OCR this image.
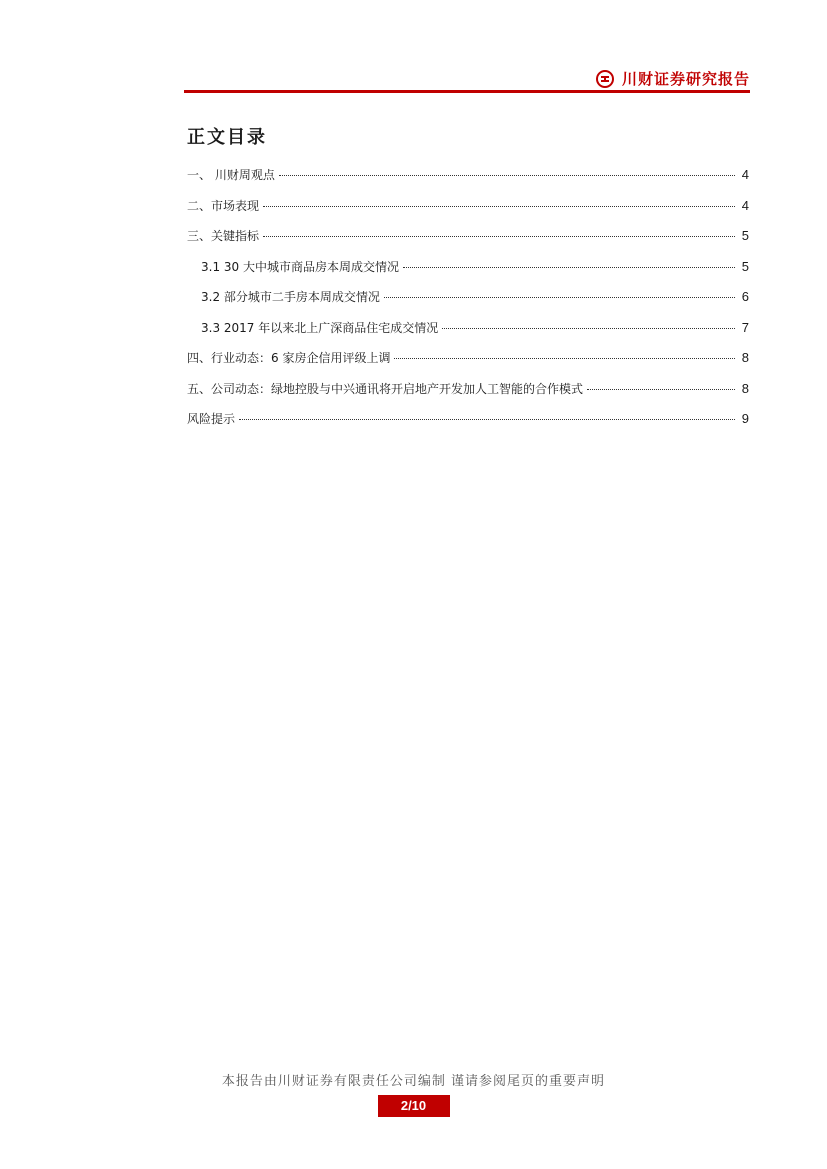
川财证券研究报告
正文目录
一、 川财周观点	4
二、市场表现	4
三、关键指标	5
3.1 30 大中城市商品房本周成交情况	5
3.2 部分城市二手房本周成交情况	6
3.3 2017 年以来北上广深商品住宅成交情况	7
四、行业动态：6 家房企信用评级上调	8
五、公司动态：绿地控股与中兴通讯将开启地产开发加人工智能的合作模式	8
风险提示	9
本报告由川财证券有限责任公司编制 谨请参阅尾页的重要声明
2/10
